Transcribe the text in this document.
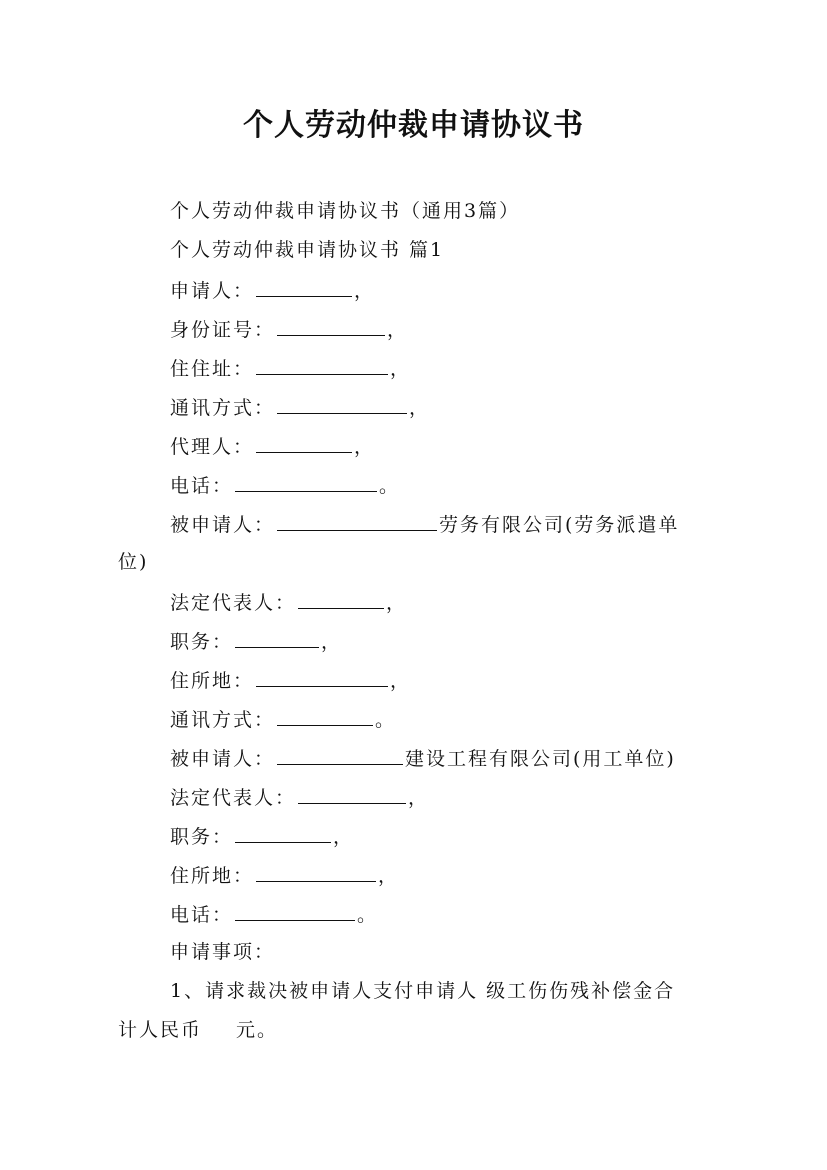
个人劳动仲裁申请协议书
个人劳动仲裁申请协议书（通用3篇）
个人劳动仲裁申请协议书 篇1
申请人：	，
身份证号：	，
住住址：	，
通讯方式：	，
代理人：	，
电话：	。
被申请人：	劳务有限公司(劳务派遣单
位)
法定代表人：	，
职务：	，
住所地：	，
通讯方式：	。
被申请人：	建设工程有限公司(用工单位)
法定代表人：	，
职务：	，
住所地：	，
电话：	。
申请事项：
1、请求裁决被申请人支付申请人 级工伤伤残补偿金合
计人民币 元。
